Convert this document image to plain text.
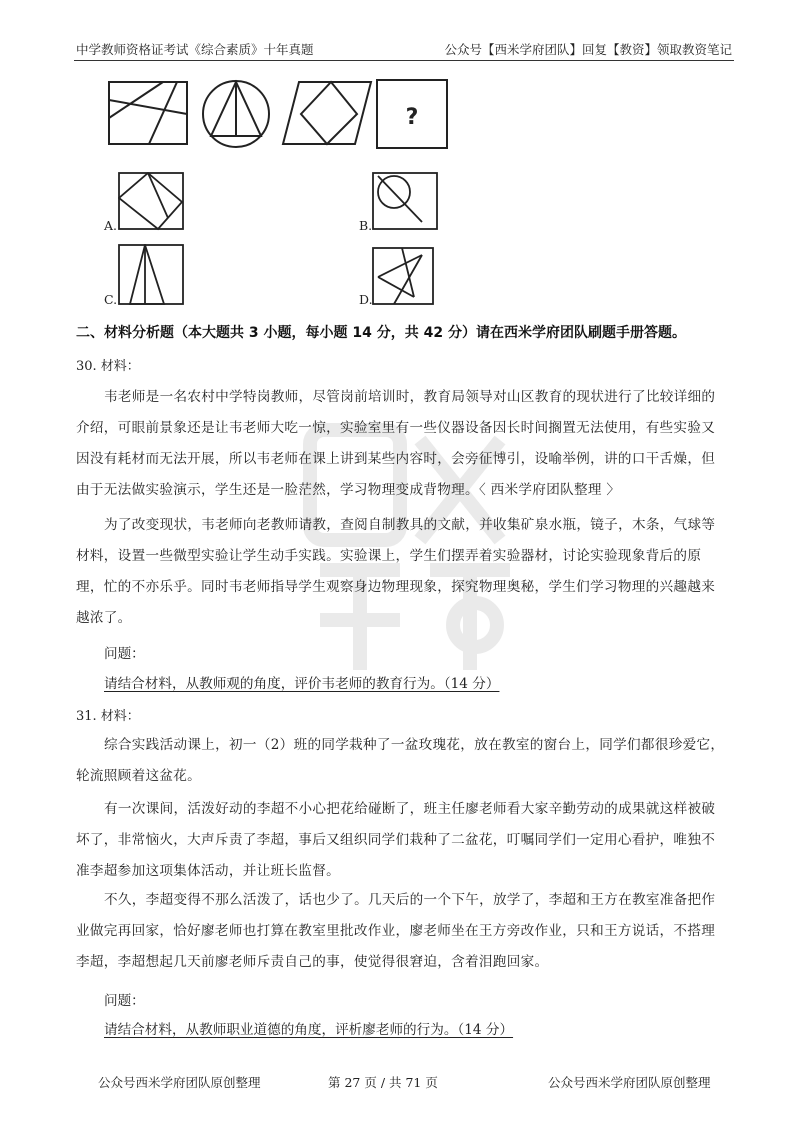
中学教师资格证考试《综合素质》十年真题	公众号【西米学府团队】回复【教资】领取教资笔记
?
A.	B.
C.	D.
二、材料分析题（本大题共 3 小题，每小题 14 分，共 42 分）请在西米学府团队刷题手册答题。
30. 材料：
韦老师是一名农村中学特岗教师，尽管岗前培训时，教育局领导对山区教育的现状进行了比较详细的介绍，可眼前景象还是让韦老师大吃一惊，实验室里有一些仪器设备因长时间搁置无法使用，有些实验又因没有耗材而无法开展，所以韦老师在课上讲到某些内容时，会旁征博引，设喻举例，讲的口干舌燥，但由于无法做实验演示，学生还是一脸茫然，学习物理变成背物理。〈 西米学府团队整理 〉
为了改变现状，韦老师向老教师请教，查阅自制教具的文献，并收集矿泉水瓶，镜子，木条，气球等材料，设置一些微型实验让学生动手实践。实验课上，学生们摆弄着实验器材，讨论实验现象背后的原理，忙的不亦乐乎。同时韦老师指导学生观察身边物理现象，探究物理奥秘，学生们学习物理的兴趣越来越浓了。
问题：
请结合材料，从教师观的角度，评价韦老师的教育行为。（14 分）
31. 材料：
综合实践活动课上，初一（2）班的同学栽种了一盆玫瑰花，放在教室的窗台上，同学们都很珍爱它，轮流照顾着这盆花。
有一次课间，活泼好动的李超不小心把花给碰断了，班主任廖老师看大家辛勤劳动的成果就这样被破坏了，非常恼火，大声斥责了李超，事后又组织同学们栽种了二盆花，叮嘱同学们一定用心看护，唯独不准李超参加这项集体活动，并让班长监督。
不久，李超变得不那么活泼了，话也少了。几天后的一个下午，放学了，李超和王方在教室准备把作业做完再回家，恰好廖老师也打算在教室里批改作业，廖老师坐在王方旁改作业，只和王方说话，不搭理李超，李超想起几天前廖老师斥责自己的事，使觉得很窘迫，含着泪跑回家。
问题：
请结合材料，从教师职业道德的角度，评析廖老师的行为。（14 分）
公众号西米学府团队原创整理	第 27 页 / 共 71 页	公众号西米学府团队原创整理
